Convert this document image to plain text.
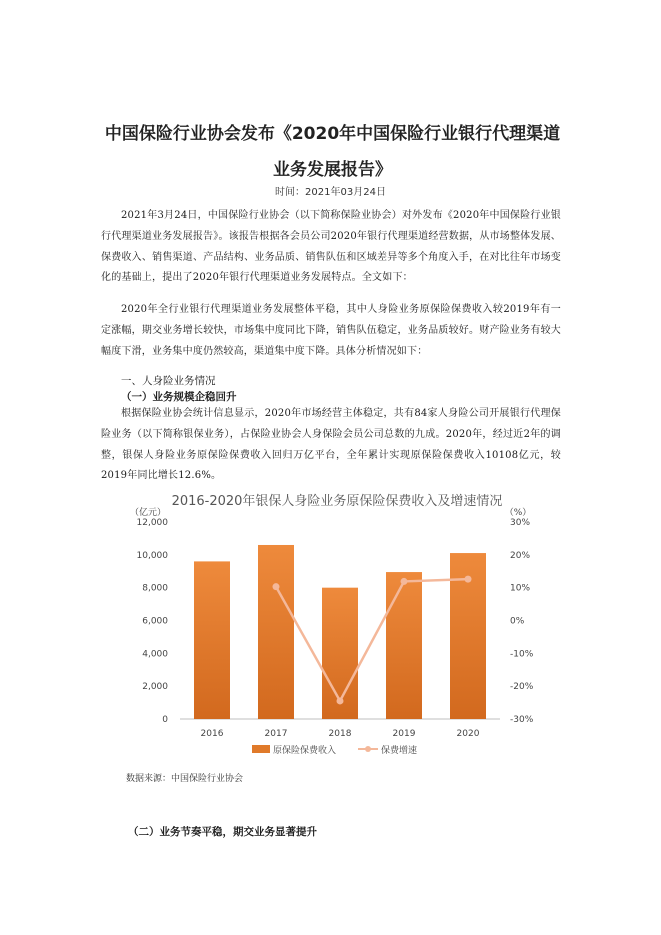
中国保险行业协会发布《2020年中国保险行业银行代理渠道
业务发展报告》
时间：2021年03月24日

2021年3月24日，中国保险行业协会（以下简称保险业协会）对外发布《2020年中国保险行业银行代理渠道业务发展报告》。该报告根据各会员公司2020年银行代理渠道经营数据，从市场整体发展、保费收入、销售渠道、产品结构、业务品质、销售队伍和区域差异等多个角度入手，在对比往年市场变化的基础上，提出了2020年银行代理渠道业务发展特点。全文如下：

2020年全行业银行代理渠道业务发展整体平稳，其中人身险业务原保险保费收入较2019年有一定涨幅，期交业务增长较快，市场集中度同比下降，销售队伍稳定，业务品质较好。财产险业务有较大幅度下滑，业务集中度仍然较高，渠道集中度下降。具体分析情况如下：

一、人身险业务情况
（一）业务规模企稳回升

根据保险业协会统计信息显示，2020年市场经营主体稳定，共有84家人身险公司开展银行代理保险业务（以下简称银保业务），占保险业协会人身保险会员公司总数的九成。2020年，经过近2年的调整，银保人身险业务原保险保费收入回归万亿平台，全年累计实现原保险保费收入10108亿元，较2019年同比增长12.6%。

2016-2020年银保人身险业务原保险保费收入及增速情况
（亿元）	（%）
2016	2017	2018	2019	2020
0
2,000
4,000
6,000
8,000
10,000
12,000
-30%
-20%
-10%
0%
10%
20%
30%
原保险保费收入	保费增速
数据来源：中国保险行业协会
（二）业务节奏平稳，期交业务显著提升
